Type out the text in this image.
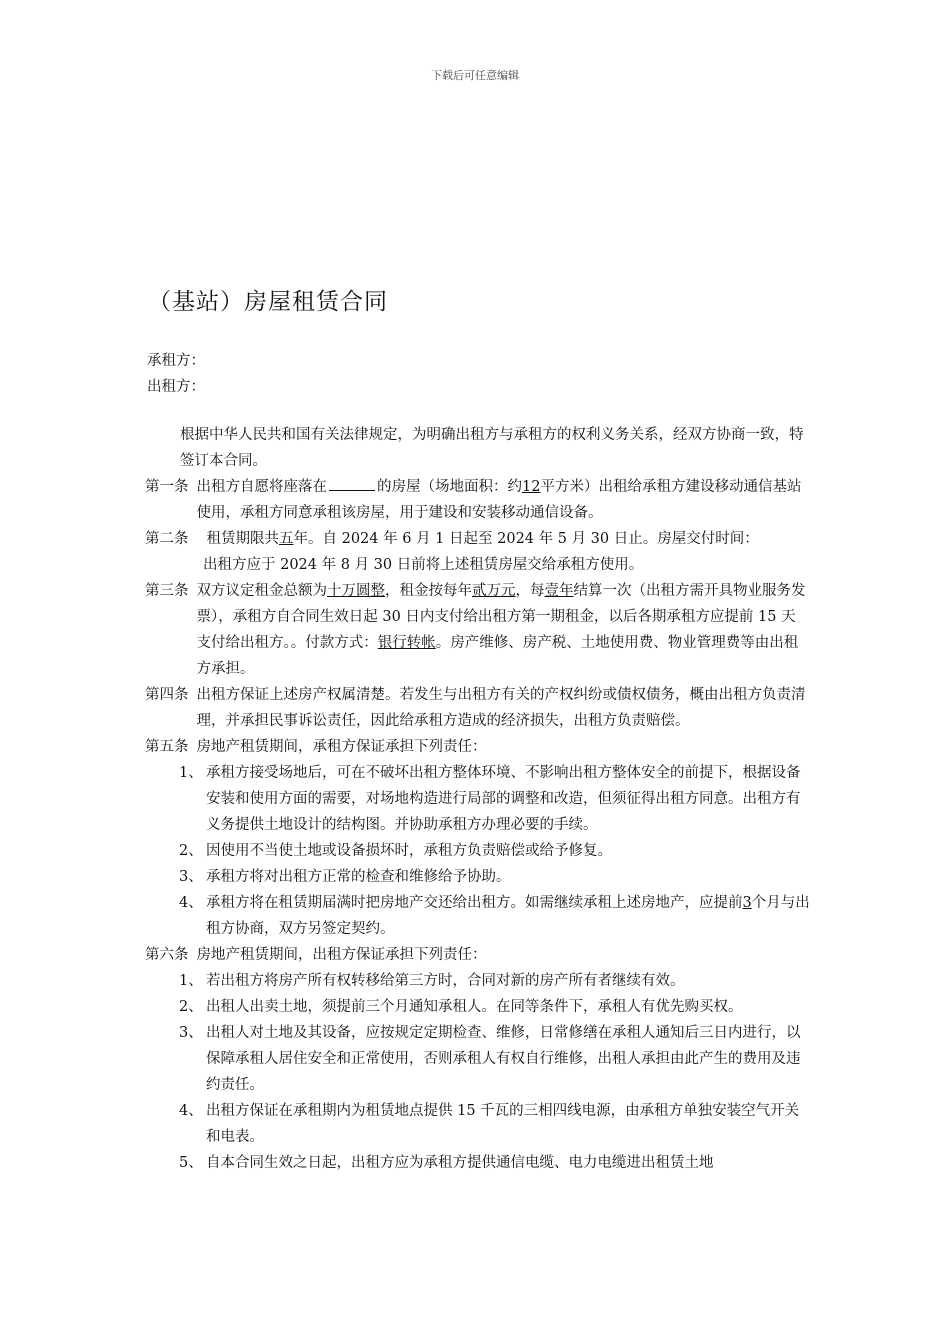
下载后可任意编辑
（基站）房屋租赁合同
承租方：
出租方：

根据中华人民共和国有关法律规定，为明确出租方与承租方的权利义务关系，经双方协商一致，特签订本合同。

第一条 出租方自愿将座落在	的房屋（场地面积：约12平方米）出租给承租方建设移动通信基站使用，承租方同意承租该房屋，用于建设和安装移动通信设备。
第二条	租赁期限共五年。自 2024 年 6 月 1 日起至 2024 年 5 月 30 日止。房屋交付时间：
出租方应于 2024 年 8 月 30 日前将上述租赁房屋交给承租方使用。
第三条 双方议定租金总额为十万圆整，租金按每年贰万元，每壹年结算一次（出租方需开具物业服务发票），承租方自合同生效日起 30 日内支付给出租方第一期租金，以后各期承租方应提前 15 天支付给出租方。。付款方式：银行转帐。房产维修、房产税、土地使用费、物业管理费等由出租方承担。
第四条 出租方保证上述房产权属清楚。若发生与出租方有关的产权纠纷或债权债务，概由出租方负责清理，并承担民事诉讼责任，因此给承租方造成的经济损失，出租方负责赔偿。
第五条 房地产租赁期间，承租方保证承担下列责任：
1、 承租方接受场地后，可在不破坏出租方整体环境、不影响出租方整体安全的前提下，根据设备安装和使用方面的需要，对场地构造进行局部的调整和改造，但须征得出租方同意。出租方有义务提供土地设计的结构图。并协助承租方办理必要的手续。
2、 因使用不当使土地或设备损坏时，承租方负责赔偿或给予修复。
3、 承租方将对出租方正常的检查和维修给予协助。
4、 承租方将在租赁期届满时把房地产交还给出租方。如需继续承租上述房地产，应提前3个月与出租方协商，双方另签定契约。
第六条 房地产租赁期间，出租方保证承担下列责任：
1、 若出租方将房产所有权转移给第三方时，合同对新的房产所有者继续有效。
2、 出租人出卖土地，须提前三个月通知承租人。在同等条件下，承租人有优先购买权。
3、 出租人对土地及其设备，应按规定定期检查、维修，日常修缮在承租人通知后三日内进行，以保障承租人居住安全和正常使用，否则承租人有权自行维修，出租人承担由此产生的费用及违约责任。
4、 出租方保证在承租期内为租赁地点提供 15 千瓦的三相四线电源，由承租方单独安装空气开关和电表。
5、 自本合同生效之日起，出租方应为承租方提供通信电缆、电力电缆进出租赁土地
